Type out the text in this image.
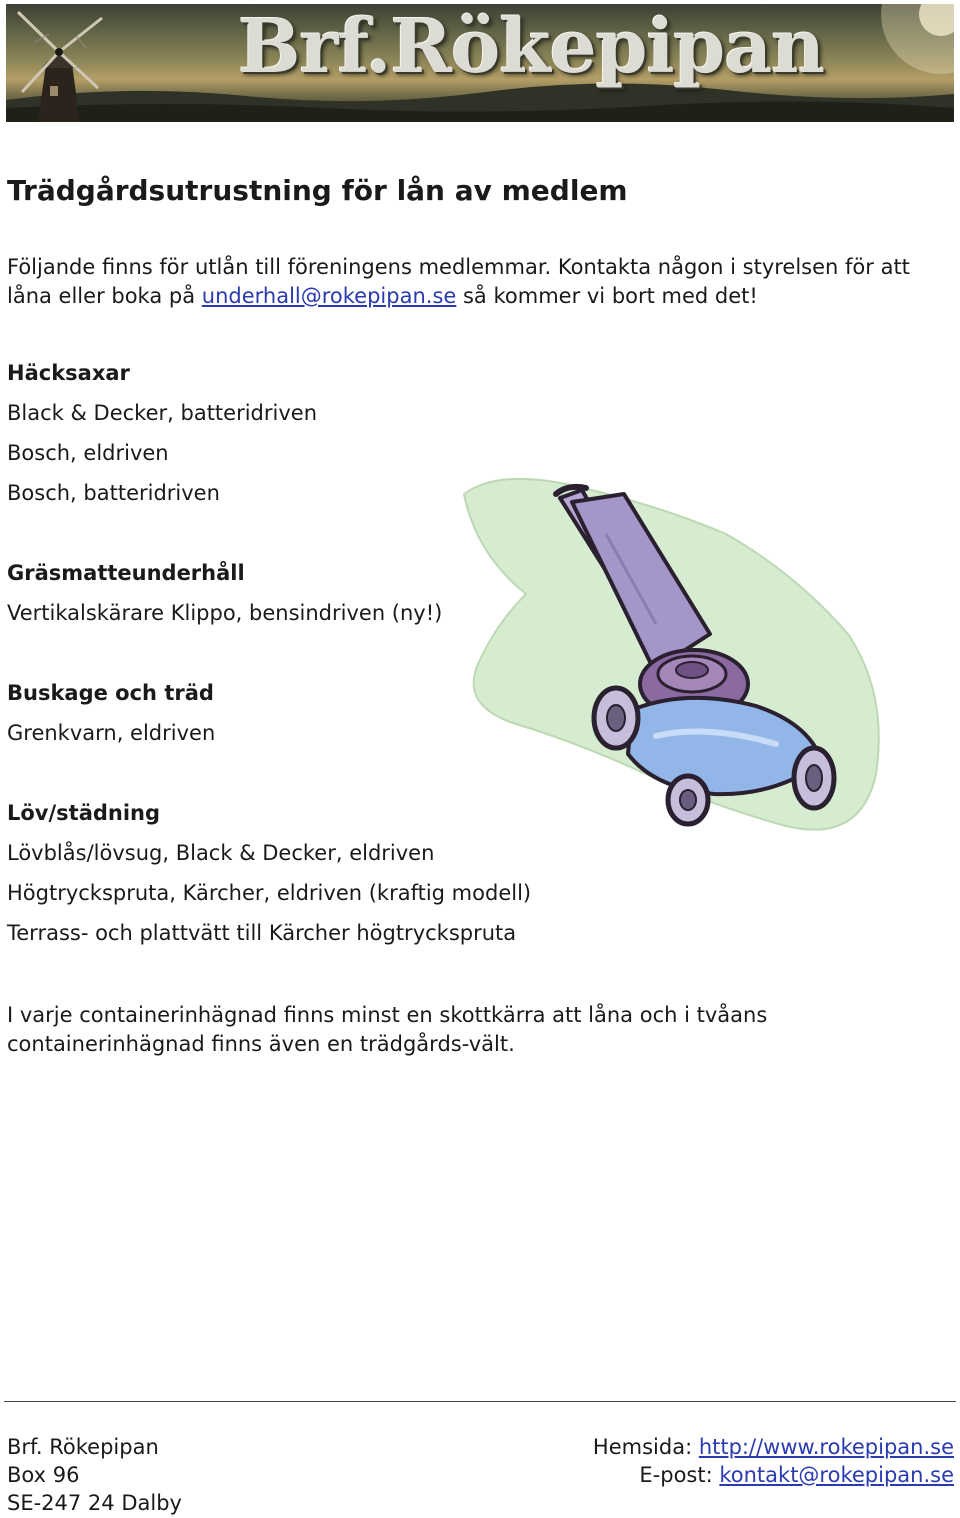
Brf.Rökepipan
Trädgårdsutrustning för lån av medlem

Följande finns för utlån till föreningens medlemmar. Kontakta någon i styrelsen för att låna eller boka på underhall@rokepipan.se så kommer vi bort med det!

Häcksaxar

Black & Decker, batteridriven

Bosch, eldriven

Bosch, batteridriven

Gräsmatteunderhåll

Vertikalskärare Klippo, bensindriven (ny!)

Buskage och träd

Grenkvarn, eldriven

Löv/städning

Lövblås/lövsug, Black & Decker, eldriven

Högtryckspruta, Kärcher, eldriven (kraftig modell)

Terrass- och plattvätt till Kärcher högtryckspruta

I varje containerinhägnad finns minst en skottkärra att låna och i tvåans containerinhägnad finns även en trädgårds-vält.

Brf. Rökepipan
Box 96
SE-247 24 Dalby
Hemsida: http://www.rokepipan.se
E-post: kontakt@rokepipan.se
